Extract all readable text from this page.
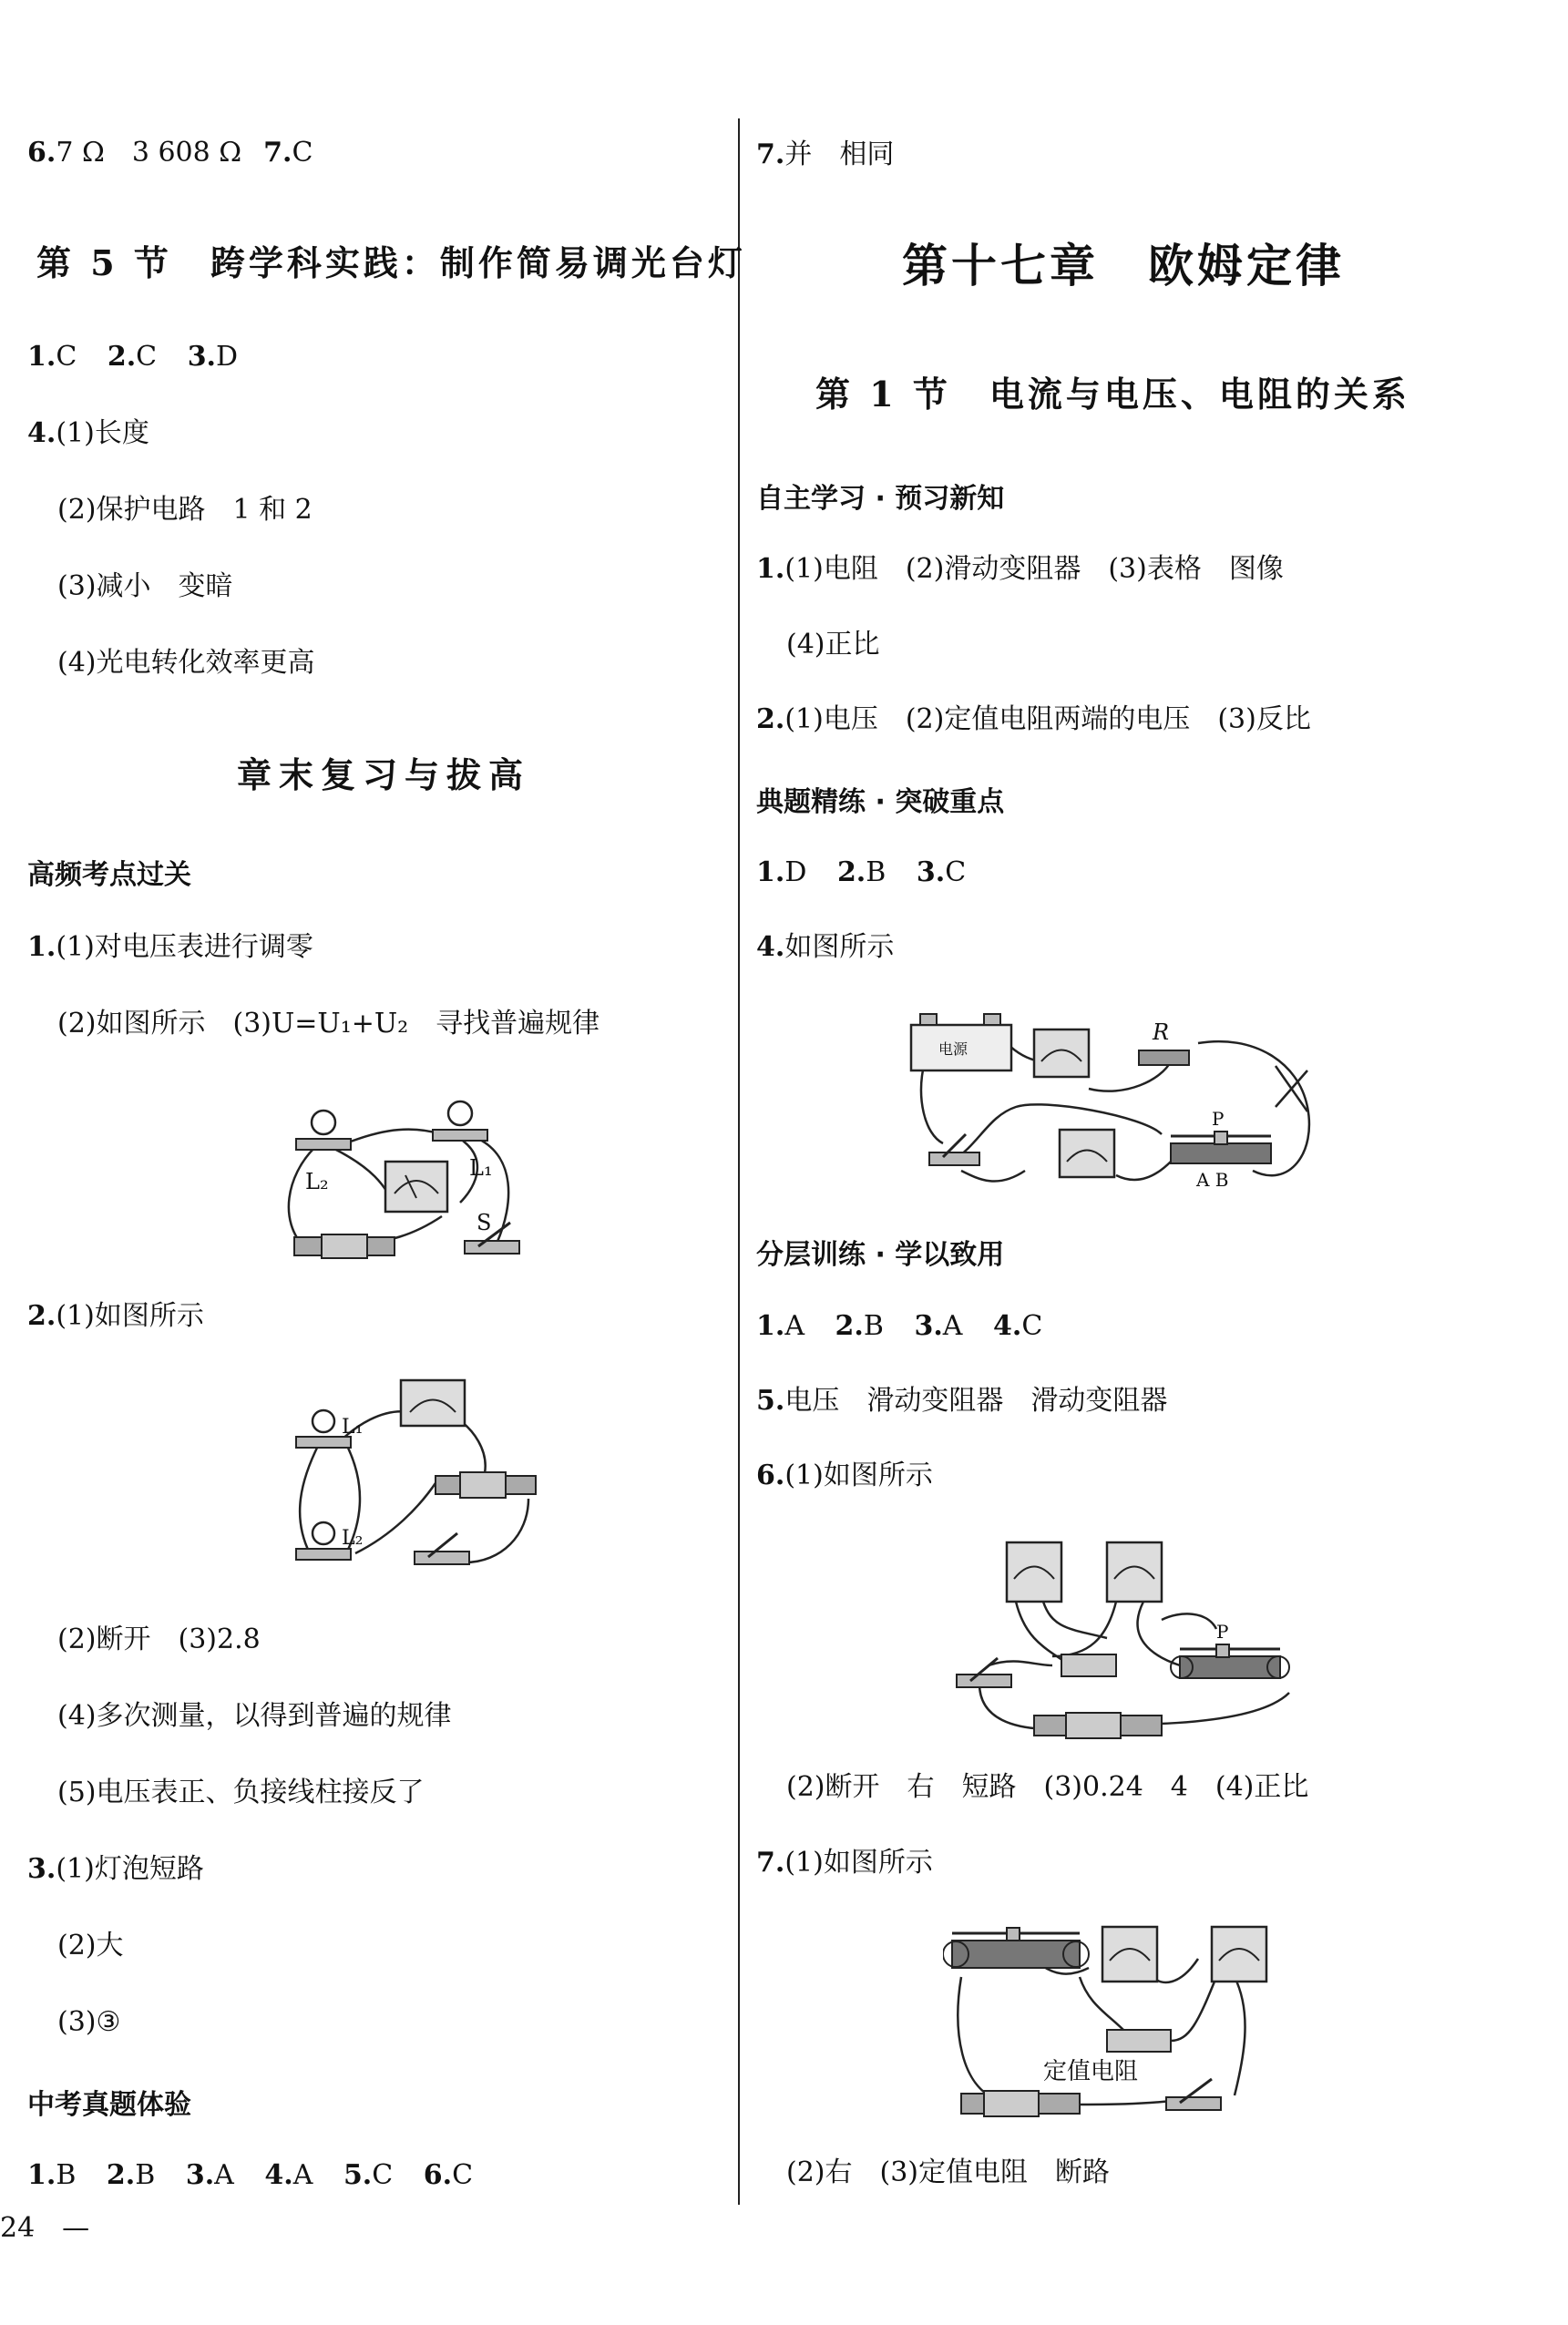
6.7 Ω　3 608 Ω 7.C
第 5 节　跨学科实践：制作简易调光台灯
1.C 2.C 3.D
4.(1)长度
(2)保护电路　1 和 2
(3)减小　变暗
(4)光电转化效率更高
章末复习与拔高
高频考点过关
1.(1)对电压表进行调零
(2)如图所示　(3)U=U₁+U₂　寻找普遍规律
L₂
L₁
S
2.(1)如图所示
L₁
L₂
(2)断开　(3)2.8
(4)多次测量，以得到普遍的规律
(5)电压表正、负接线柱接反了
3.(1)灯泡短路
(2)大
(3)③
中考真题体验
1.B 2.B 3.A 4.A 5.C 6.C
24　—
7.并　相同
第十七章　欧姆定律
第 1 节　电流与电压、电阻的关系
自主学习 · 预习新知
1.(1)电阻　(2)滑动变阻器　(3)表格　图像
(4)正比
2.(1)电压　(2)定值电阻两端的电压　(3)反比
典题精练 · 突破重点
1.D 2.B 3.C
4.如图所示
电源
R
P
A B
分层训练 · 学以致用
1.A 2.B 3.A 4.C
5.电压　滑动变阻器　滑动变阻器
6.(1)如图所示
P
(2)断开　右　短路　(3)0.24　4　(4)正比
7.(1)如图所示
定值电阻
(2)右　(3)定值电阻　断路
